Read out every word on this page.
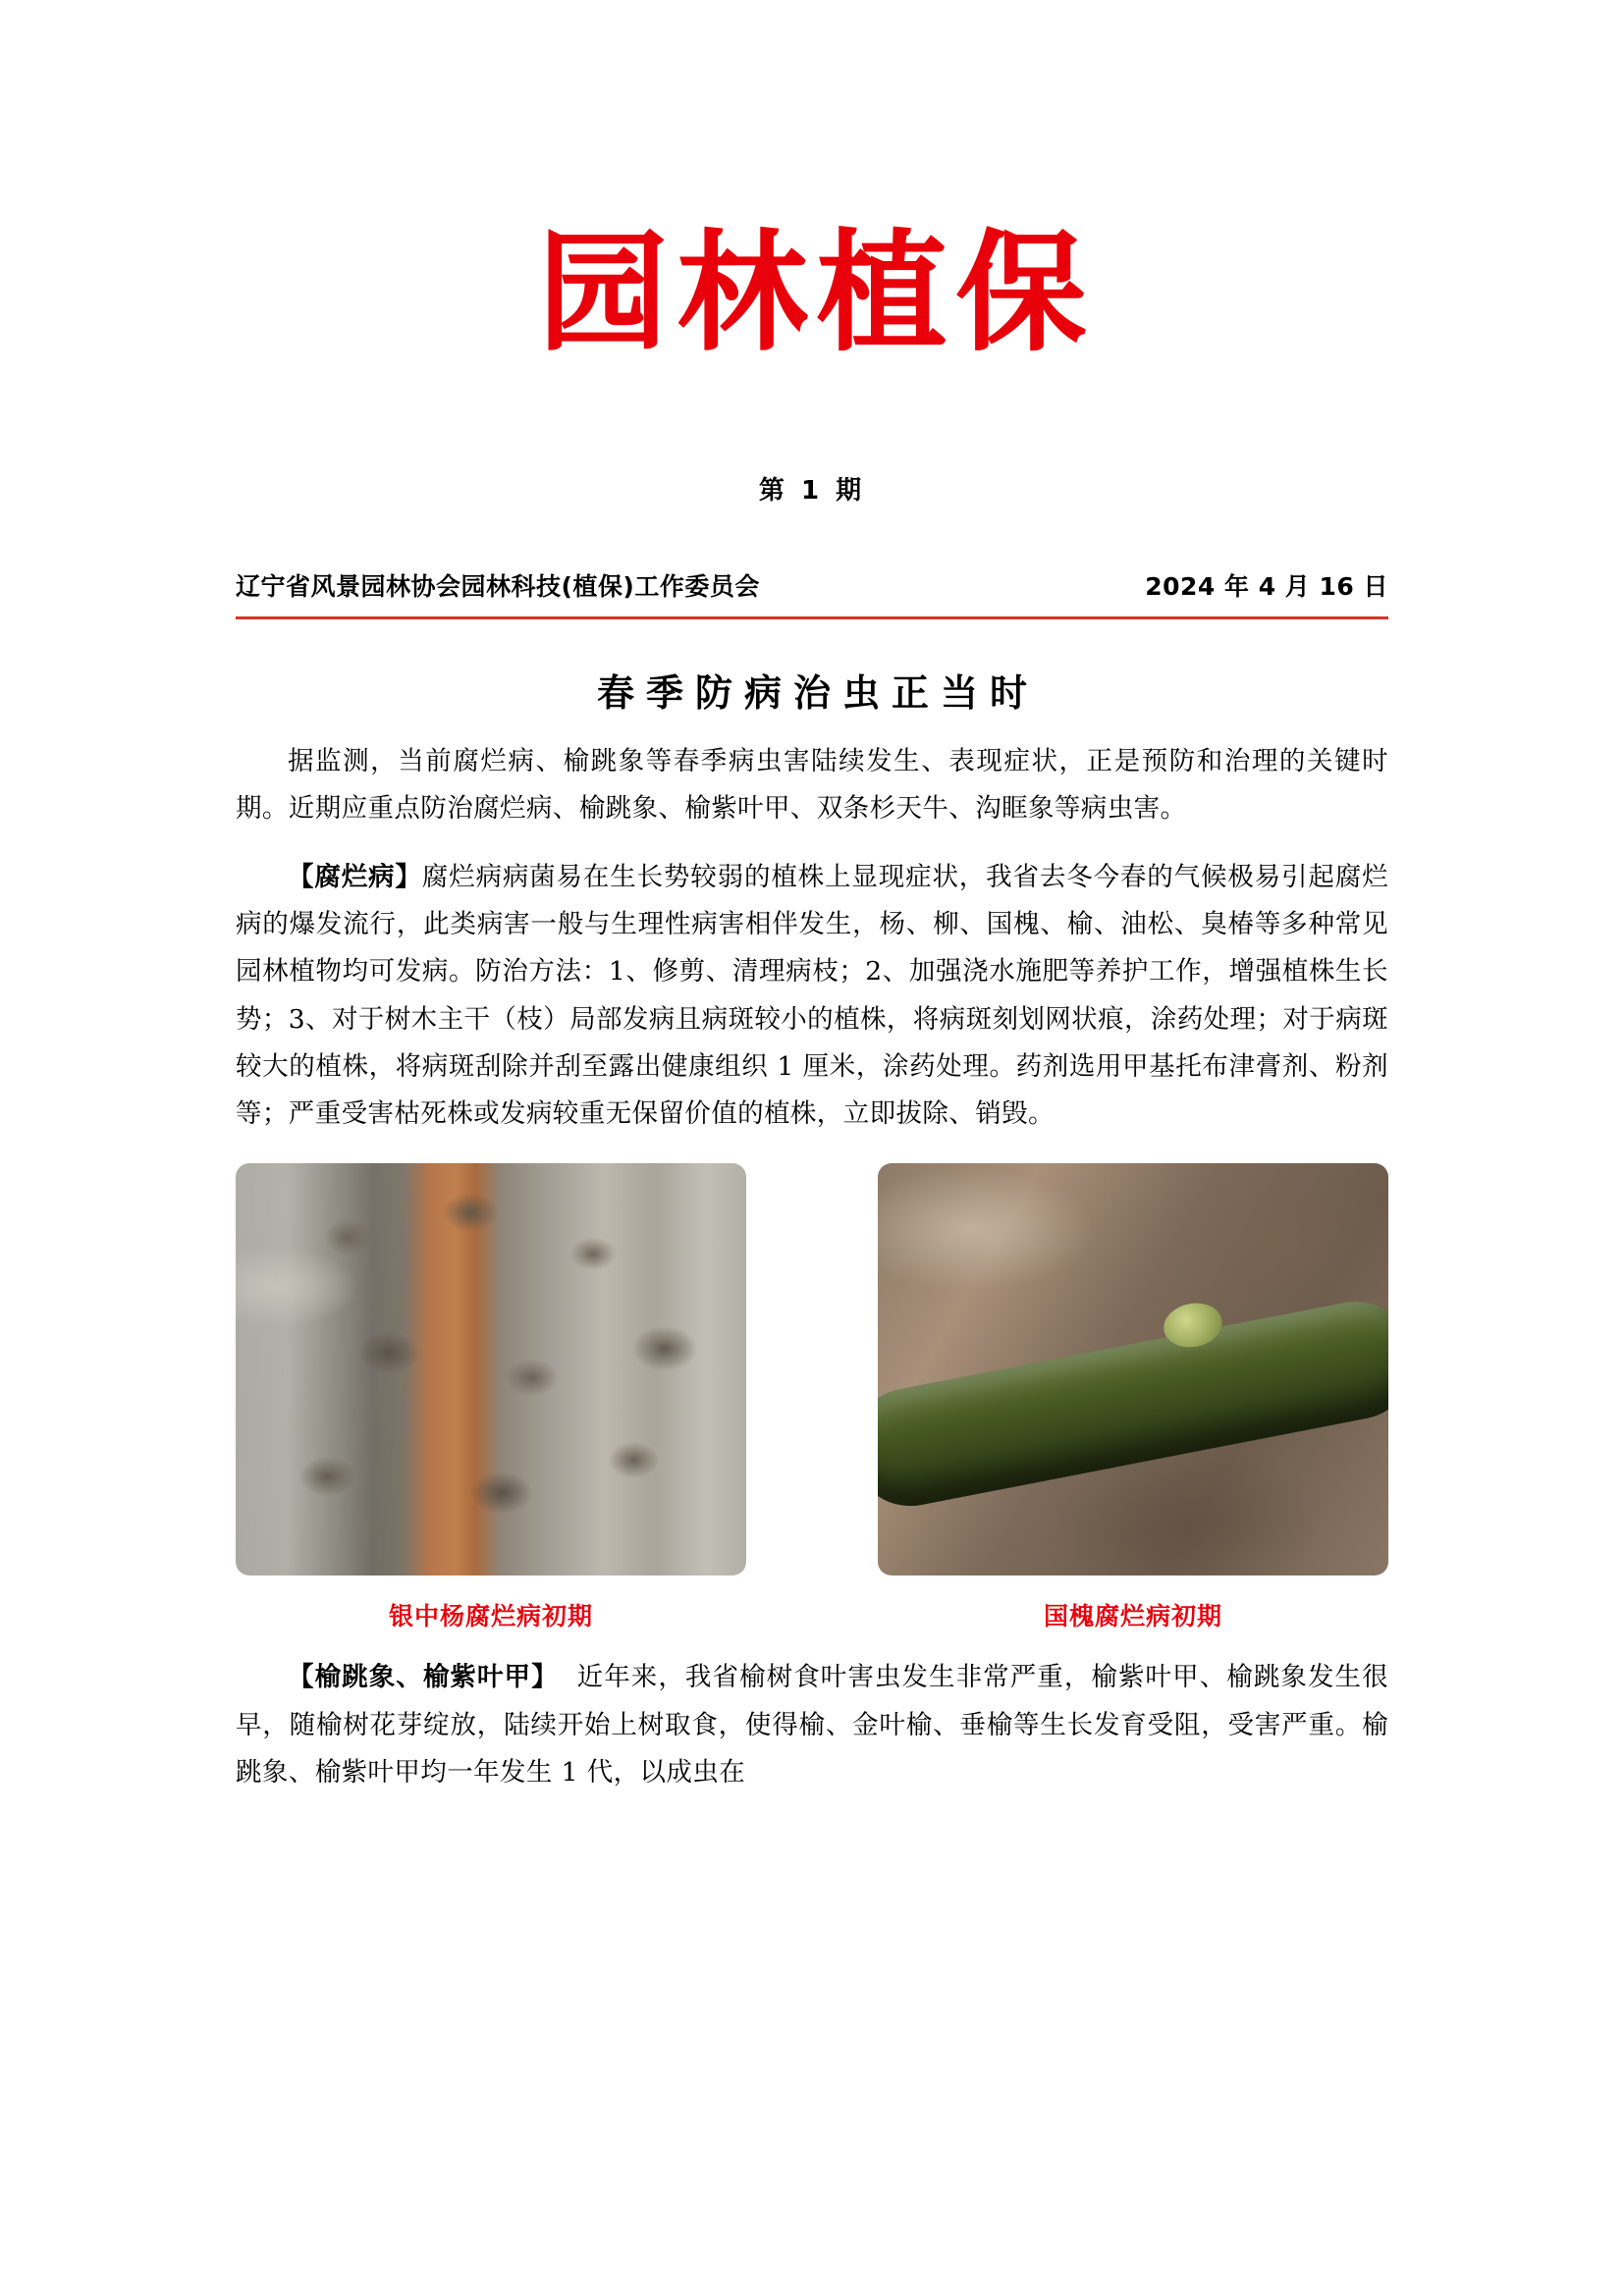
园林植保
第 1 期
辽宁省风景园林协会园林科技(植保)工作委员会	2024 年 4 月 16 日
春季防病治虫正当时

据监测，当前腐烂病、榆跳象等春季病虫害陆续发生、表现症状，正是预防和治理的关键时期。近期应重点防治腐烂病、榆跳象、榆紫叶甲、双条杉天牛、沟眶象等病虫害。

【腐烂病】腐烂病病菌易在生长势较弱的植株上显现症状，我省去冬今春的气候极易引起腐烂病的爆发流行，此类病害一般与生理性病害相伴发生，杨、柳、国槐、榆、油松、臭椿等多种常见园林植物均可发病。防治方法：1、修剪、清理病枝；2、加强浇水施肥等养护工作，增强植株生长势；3、对于树木主干（枝）局部发病且病斑较小的植株，将病斑刻划网状痕，涂药处理；对于病斑较大的植株，将病斑刮除并刮至露出健康组织 1 厘米，涂药处理。药剂选用甲基托布津膏剂、粉剂等；严重受害枯死株或发病较重无保留价值的植株，立即拔除、销毁。

银中杨腐烂病初期	国槐腐烂病初期

【榆跳象、榆紫叶甲】 近年来，我省榆树食叶害虫发生非常严重，榆紫叶甲、榆跳象发生很早，随榆树花芽绽放，陆续开始上树取食，使得榆、金叶榆、垂榆等生长发育受阻，受害严重。榆跳象、榆紫叶甲均一年发生 1 代，以成虫在
